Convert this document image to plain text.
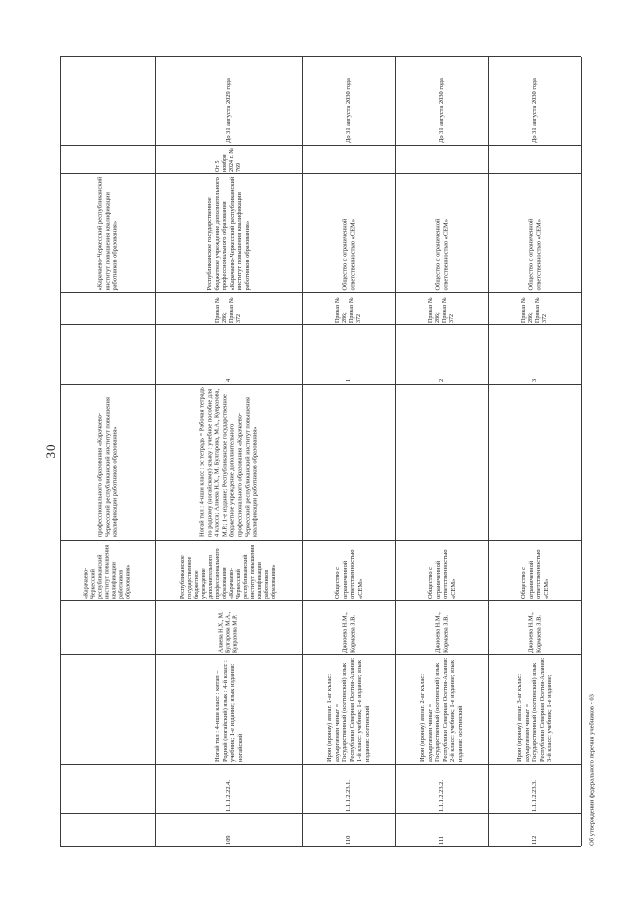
30
«Карачаево-Черкесский республиканский институт повышения квалификации работников образования»
профессионального образования «Карачаево-Черкесский республиканский институт повышения квалификации работников образования»
«Карачаево-Черкесский республиканский институт повышения квалификации работников образования»
109
1.1.1.2.22.4.
Ногай тил : 4-нши класс : китап – Родной (ногайский) язык : 4-й класс : учебник; 1-е издание; язык издания: ногайский
Алиева Н.Х., М. Булгарова М.А., Кувразова М.Р.
Республиканское государственное бюджетное учреждение дополнительного профессионального образования «Карачаево-Черкесский республиканский институт повышения квалификации работников образования»
Ногай тил : 4-нши класс : эс тетрадь = Рабочая тетрадь по родному (ногайскому) языку : учебное пособие для 4 класса; Алиева Н.Х., М. Булгарова, М.А., Кувразова, М.Р.; 1-е издание; Республиканское государственное бюджетное учреждение дополнительного профессионального образования «Карачаево-Черкесский республиканский институт повышения квалификации работников образования»
4
Приказ № 286; Приказ № 372
Республиканское государственное бюджетное учреждение дополнительного профессионального образования «Карачаево-Черкесский республиканский институт повышения квалификации работников образования»
От 5 ноября 2024 г. № 769
До 31 августа 2029 года
110
1.1.1.2.23.1.
Ирон (иронау) ӕвзаг. 1-аг кълас: ахуыргӕнӕн чиныг = Государственный (осетинский) язык Республики Северная Осетия-Алания: 1-й класс: учебник; 1-е издание; язык издания: осетинский
Джиоева Н.М., Кормаева З.В.
Общество с ограниченной ответственностью «СЕМ»
1
Приказ № 286; Приказ № 372
Общество с ограниченной ответственностью «СЕМ»
До 31 августа 2030 года
111
1.1.1.2.23.2.
Ирон (иронау) ӕвзаг. 2-аг кълас: ахуыргӕнӕн чиныг = Государственный (осетинский) язык Республики Северная Осетия-Алания: 2-й класс: учебник; 1-е издание; язык издания: осетинский
Джиоева Н.М., Кормаева З.В.
Общество с ограниченной ответственностью «СЕМ»
2
Приказ № 286; Приказ № 372
Общество с ограниченной ответственностью «СЕМ»
До 31 августа 2030 года
112
1.1.1.2.23.3.
Ирон (иронау) ӕвзаг. 3-аг кълас: ахуыргӕнӕн чиныг = Государственный (осетинский) язык Республики Северная Осетия-Алания: 3-й класс: учебник; 1-е издание;
Джиоева Н.М., Кормаева З.В.
Общество с ограниченной ответственностью «СЕМ»
3
Приказ № 286; Приказ № 372
Общество с ограниченной ответственностью «СЕМ»
До 31 августа 2030 года
Об утверждении федерального перечня учебников - 03
